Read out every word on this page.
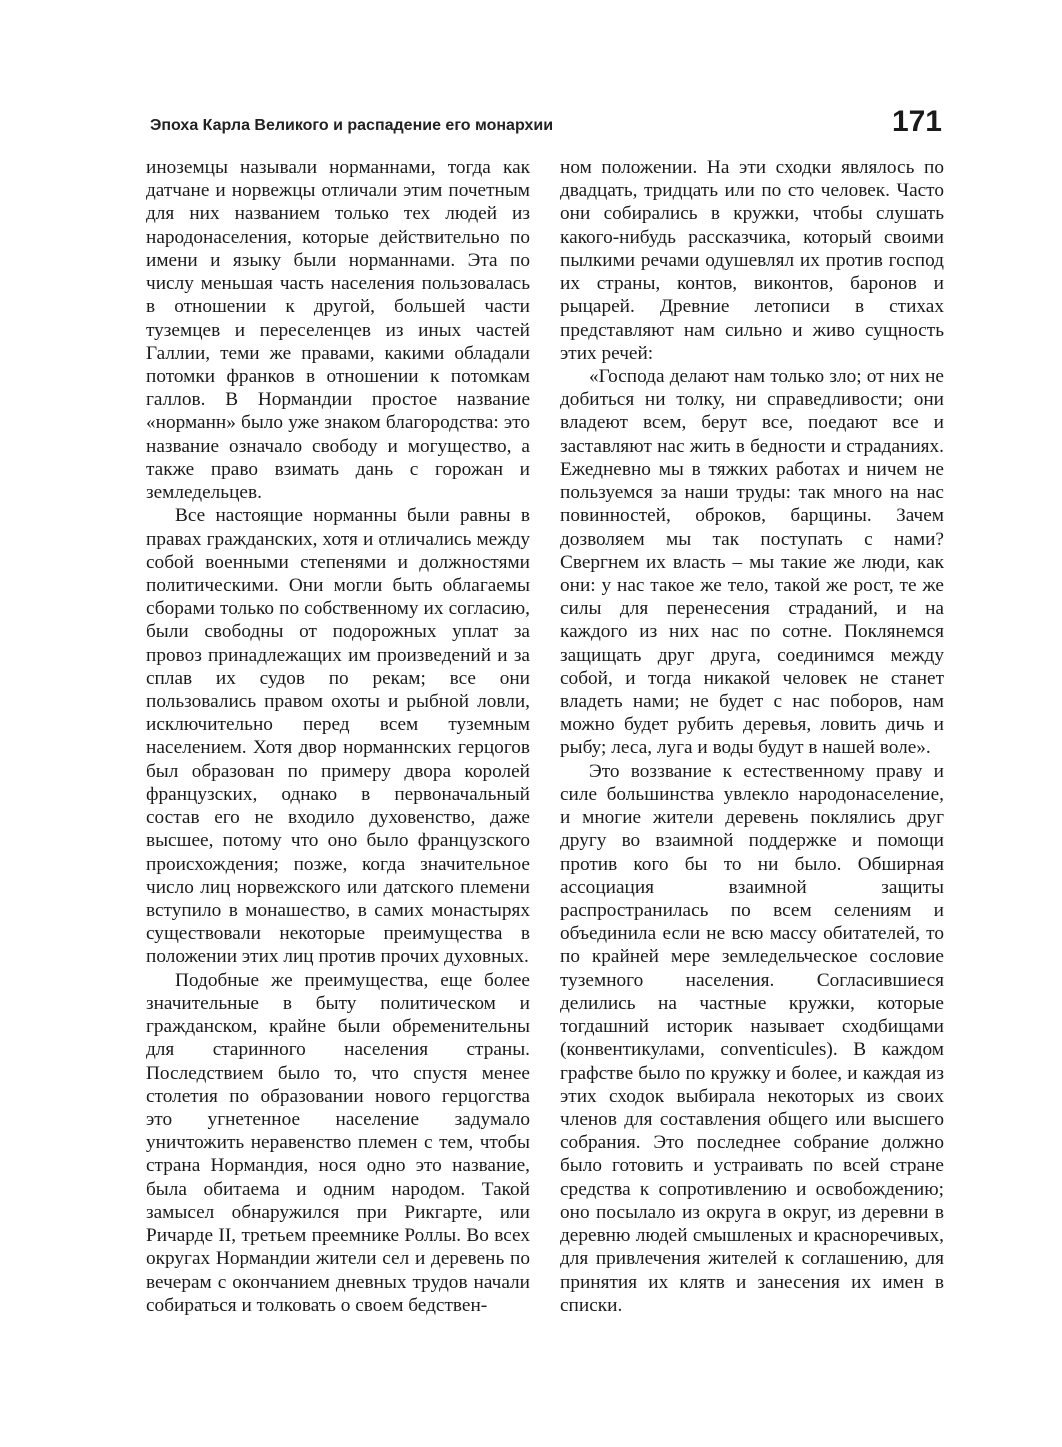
Эпоха Карла Великого и распадение его монархии	171

иноземцы называли норманнами, тогда как датчане и норвежцы отличали этим почетным для них названием только тех людей из народонаселения, которые действительно по имени и языку были норманнами. Эта по числу меньшая часть населения пользовалась в отношении к другой, большей части туземцев и переселенцев из иных частей Галлии, теми же правами, какими обладали потомки франков в отношении к потомкам галлов. В Нормандии простое название «норманн» было уже знаком благородства: это название означало свободу и могущество, а также право взимать дань с горожан и земледельцев.

Все настоящие норманны были равны в правах гражданских, хотя и отличались между собой военными степенями и должностями политическими. Они могли быть облагаемы сборами только по собственному их согласию, были свободны от подорожных уплат за провоз принадлежащих им произведений и за сплав их судов по рекам; все они пользовались правом охоты и рыбной ловли, исключительно перед всем туземным населением. Хотя двор норманнских герцогов был образован по примеру двора королей французских, однако в первоначальный состав его не входило духовенство, даже высшее, потому что оно было французского происхождения; позже, когда значительное число лиц норвежского или датского племени вступило в монашество, в самих монастырях существовали некоторые преимущества в положении этих лиц против прочих духовных.

Подобные же преимущества, еще более значительные в быту политическом и гражданском, крайне были обременительны для старинного населения страны. Последствием было то, что спустя менее столетия по образовании нового герцогства это угнетенное население задумало уничтожить неравенство племен с тем, чтобы страна Нормандия, нося одно это название, была обитаема и одним народом. Такой замысел обнаружился при Рикгарте, или Ричарде II, третьем преемнике Роллы. Во всех округах Нормандии жители сел и деревень по вечерам с окончанием дневных трудов начали собираться и толковать о своем бедствен-

ном положении. На эти сходки являлось по двадцать, тридцать или по сто человек. Часто они собирались в кружки, чтобы слушать какого-нибудь рассказчика, который своими пылкими речами одушевлял их против господ их страны, контов, виконтов, баронов и рыцарей. Древние летописи в стихах представляют нам сильно и живо сущность этих речей:

«Господа делают нам только зло; от них не добиться ни толку, ни справедливости; они владеют всем, берут все, поедают все и заставляют нас жить в бедности и страданиях. Ежедневно мы в тяжких работах и ничем не пользуемся за наши труды: так много на нас повинностей, оброков, барщины. Зачем дозволяем мы так поступать с нами? Свергнем их власть – мы такие же люди, как они: у нас такое же тело, такой же рост, те же силы для перенесения страданий, и на каждого из них нас по сотне. Поклянемся защищать друг друга, соединимся между собой, и тогда никакой человек не станет владеть нами; не будет с нас поборов, нам можно будет рубить деревья, ловить дичь и рыбу; леса, луга и воды будут в нашей воле».

Это воззвание к естественному праву и силе большинства увлекло народонаселение, и многие жители деревень поклялись друг другу во взаимной поддержке и помощи против кого бы то ни было. Обширная ассоциация взаимной защиты распространилась по всем селениям и объединила если не всю массу обитателей, то по крайней мере земледельческое сословие туземного населения. Согласившиеся делились на частные кружки, которые тогдашний историк называет сходбищами (конвентикулами, conventicules). В каждом графстве было по кружку и более, и каждая из этих сходок выбирала некоторых из своих членов для составления общего или высшего собрания. Это последнее собрание должно было готовить и устраивать по всей стране средства к сопротивлению и освобождению; оно посылало из округа в округ, из деревни в деревню людей смышленых и красноречивых, для привлечения жителей к соглашению, для принятия их клятв и занесения их имен в списки.
